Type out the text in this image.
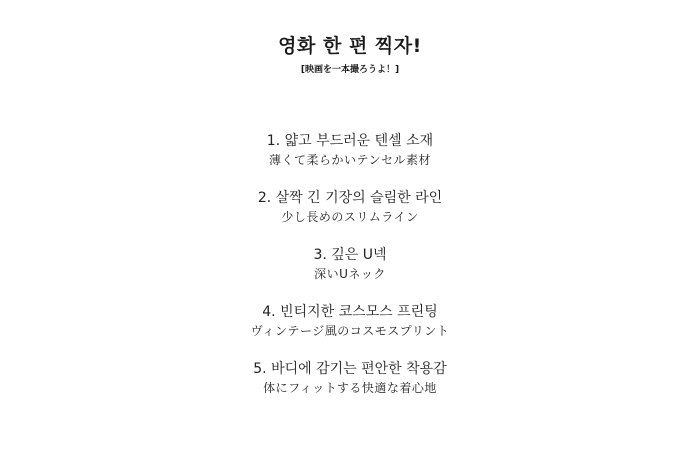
영화 한 편 찍자!
[映画を一本撮ろうよ！]
1. 얇고 부드러운 텐셀 소재
薄くて柔らかいテンセル素材
2. 살짝 긴 기장의 슬림한 라인
少し長めのスリムライン
3. 깊은 U넥
深いUネック
4. 빈티지한 코스모스 프린팅
ヴィンテージ風のコスモスプリント
5. 바디에 감기는 편안한 착용감
体にフィットする快適な着心地
